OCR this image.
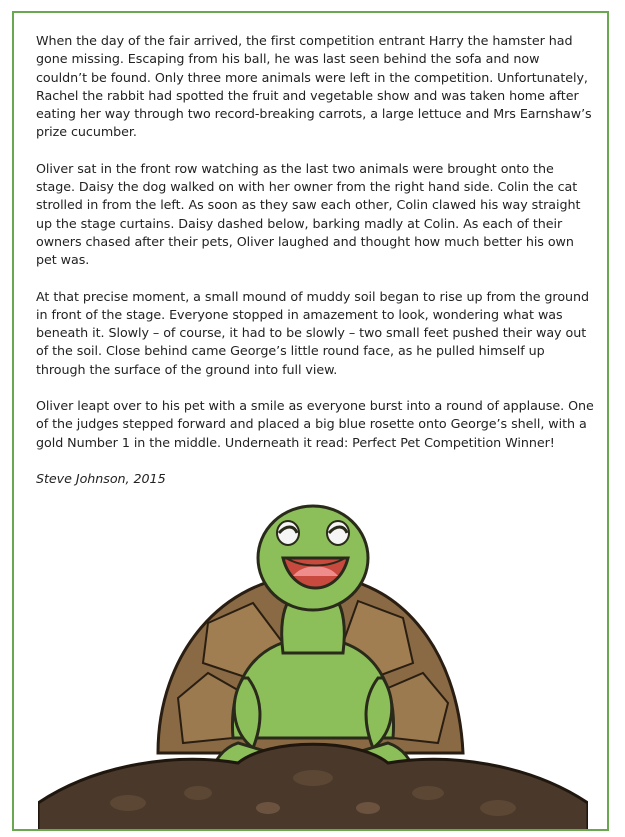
When the day of the fair arrived, the first competition entrant Harry the hamster had gone missing. Escaping from his ball, he was last seen behind the sofa and now couldn’t be found. Only three more animals were left in the competition. Unfortunately, Rachel the rabbit had spotted the fruit and vegetable show and was taken home after eating her way through two record-breaking carrots, a large lettuce and Mrs Earnshaw’s prize cucumber.

Oliver sat in the front row watching as the last two animals were brought onto the stage. Daisy the dog walked on with her owner from the right hand side. Colin the cat strolled in from the left. As soon as they saw each other, Colin clawed his way straight up the stage curtains. Daisy dashed below, barking madly at Colin. As each of their owners chased after their pets, Oliver laughed and thought how much better his own pet was.

At that precise moment, a small mound of muddy soil began to rise up from the ground in front of the stage. Everyone stopped in amazement to look, wondering what was beneath it. Slowly – of course, it had to be slowly – two small feet pushed their way out of the soil. Close behind came George’s little round face, as he pulled himself up through the surface of the ground into full view.

Oliver leapt over to his pet with a smile as everyone burst into a round of applause. One of the judges stepped forward and placed a big blue rosette onto George’s shell, with a gold Number 1 in the middle. Underneath it read: Perfect Pet Competition Winner!

Steve Johnson, 2015
